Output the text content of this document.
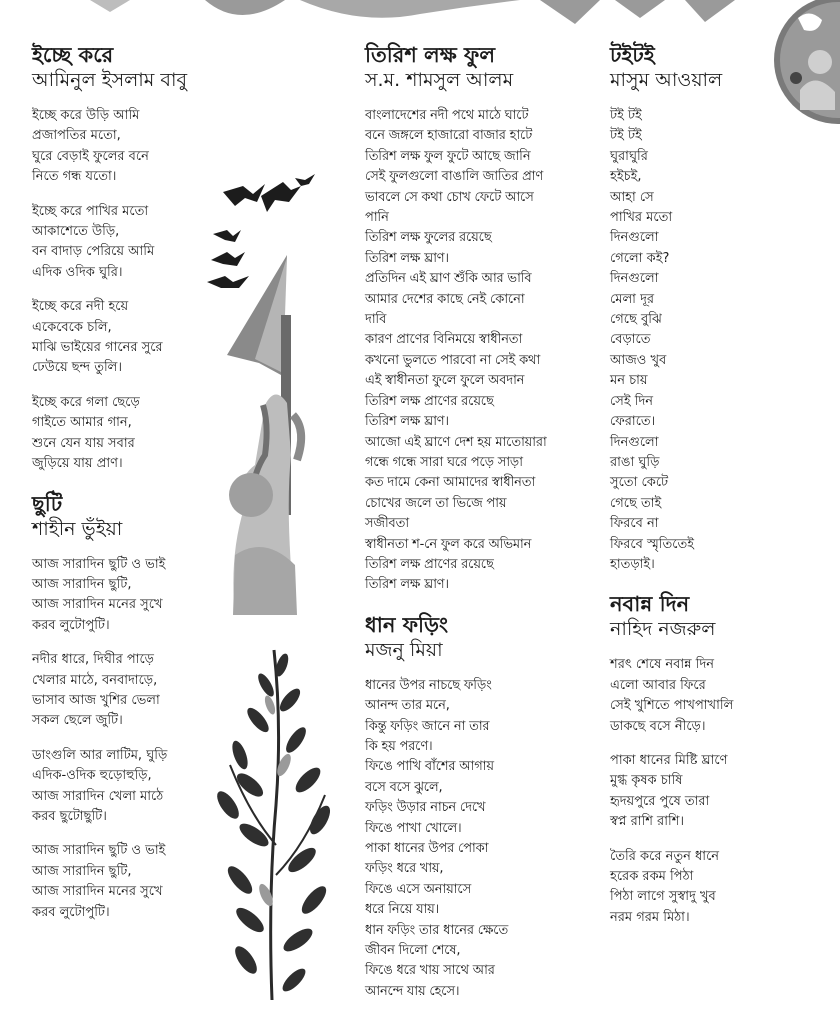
ইচ্ছে করে
আমিনুল ইসলাম বাবু
ইচ্ছে করে উড়ি আমি
প্রজাপতির মতো,
ঘুরে বেড়াই ফুলের বনে
নিতে গন্ধ যতো।
ইচ্ছে করে পাখির মতো
আকাশেতে উড়ি,
বন বাদাড় পেরিয়ে আমি
এদিক ওদিক ঘুরি।
ইচ্ছে করে নদী হয়ে
একেবেকে চলি,
মাঝি ভাইয়ের গানের সুরে
ঢেউয়ে ছন্দ তুলি।
ইচ্ছে করে গলা ছেড়ে
গাইতে আমার গান,
শুনে যেন যায় সবার
জুড়িয়ে যায় প্রাণ।
ছুটি
শাহীন ভুঁইয়া
আজ সারাদিন ছুটি ও ভাই
আজ সারাদিন ছুটি,
আজ সারাদিন মনের সুখে
করব লুটোপুটি।
নদীর ধারে, দিঘীর পাড়ে
খেলার মাঠে, বনবাদাড়ে,
ভাসাব আজ খুশির ভেলা
সকল ছেলে জুটি।
ডাংগুলি আর লাটিম, ঘুড়ি
এদিক-ওদিক হুড়োহুড়ি,
আজ সারাদিন খেলা মাঠে
করব ছুটোছুটি।
আজ সারাদিন ছুটি ও ভাই
আজ সারাদিন ছুটি,
আজ সারাদিন মনের সুখে
করব লুটোপুটি।
তিরিশ লক্ষ ফুল
স.ম. শামসুল আলম
বাংলাদেশের নদী পথে মাঠে ঘাটে
বনে জঙ্গলে হাজারো বাজার হাটে
তিরিশ লক্ষ ফুল ফুটে আছে জানি
সেই ফুলগুলো বাঙালি জাতির প্রাণ
ভাবলে সে কথা চোখ ফেটে আসে
পানি
তিরিশ লক্ষ ফুলের রয়েছে
তিরিশ লক্ষ ঘ্রাণ।
প্রতিদিন এই ঘ্রাণ শুঁকি আর ভাবি
আমার দেশের কাছে নেই কোনো
দাবি
কারণ প্রাণের বিনিময়ে স্বাধীনতা
কখনো ভুলতে পারবো না সেই কথা
এই স্বাধীনতা ফুলে ফুলে অবদান
তিরিশ লক্ষ প্রাণের রয়েছে
তিরিশ লক্ষ ঘ্রাণ।
আজো এই ঘ্রাণে দেশ হয় মাতোয়ারা
গন্ধে গন্ধে সারা ঘরে পড়ে সাড়া
কত দামে কেনা আমাদের স্বাধীনতা
চোখের জলে তা ভিজে পায়
সজীবতা
স্বাধীনতা শ-নে ফুল করে অভিমান
তিরিশ লক্ষ প্রাণের রয়েছে
তিরিশ লক্ষ ঘ্রাণ।
ধান ফড়িং
মজনু মিয়া
ধানের উপর নাচছে ফড়িং
আনন্দ তার মনে,
কিন্তু ফড়িং জানে না তার
কি হয় পরণে।
ফিঙে পাখি বাঁশের আগায়
বসে বসে ঝুলে,
ফড়িং উড়ার নাচন দেখে
ফিঙে পাখা খোলে।
পাকা ধানের উপর পোকা
ফড়িং ধরে খায়,
ফিঙে এসে অনায়াসে
ধরে নিয়ে যায়।
ধান ফড়িং তার ধানের ক্ষেতে
জীবন দিলো শেষে,
ফিঙে ধরে খায় সাথে আর
আনন্দে যায় হেসে।
টইটই
মাসুম আওয়াল
টই টই
টই টই
ঘুরাঘুরি
হইচই,
আহা সে
পাখির মতো
দিনগুলো
গেলো কই?
দিনগুলো
মেলা দূর
গেছে বুঝি
বেড়াতে
আজও খুব
মন চায়
সেই দিন
ফেরাতে।
দিনগুলো
রাঙা ঘুড়ি
সুতো কেটে
গেছে তাই
ফিরবে না
ফিরবে স্মৃতিতেই
হাতড়াই।
নবান্ন দিন
নাহিদ নজরুল
শরৎ শেষে নবান্ন দিন
এলো আবার ফিরে
সেই খুশিতে পাখপাখালি
ডাকছে বসে নীড়ে।
পাকা ধানের মিষ্টি ঘ্রাণে
মুগ্ধ কৃষক চাষি
হৃদয়পুরে পুষে তারা
স্বপ্ন রাশি রাশি।
তৈরি করে নতুন ধানে
হরেক রকম পিঠা
পিঠা লাগে সুস্বাদু খুব
নরম গরম মিঠা।
